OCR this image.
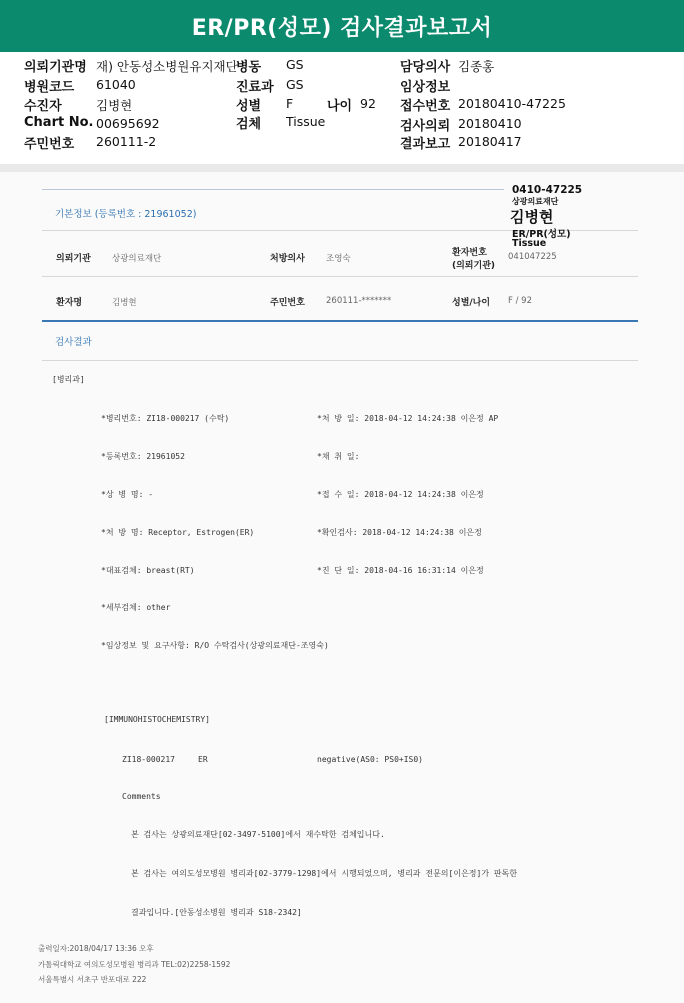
ER/PR(성모) 검사결과보고서
의뢰기관명 재) 안동성소병원유지재단
병동 GS	담당의사 김종홍
병원코드 61040	진료과 GS	임상정보
수진자	김병현	성별 F	나이 92 접수번호 20180410-47225
Chart No. 00695692	검체 Tissue	검사의뢰 20180410
주민번호 260111-2	결과보고 20180417
기본정보 (등록번호 : 21961052)
의뢰기관 상광의료재단	처방의사 조영숙
환자번호
(의뢰기관)
041047225
환자명	김병현	주민번호 260111-*******	성별/나이 F / 92
검사결과
[병리과]
*병리번호: ZI18-000217 (수탁)	*처 방 일: 2018-04-12 14:24:38 이은정 AP
*등록번호: 21961052	*채 취 일:
*상 병 명: -	*접 수 일: 2018-04-12 14:24:38 이은정
*처 방 명: Receptor, Estrogen(ER)	*확인검사: 2018-04-12 14:24:38 이은정
*대표검체: breast(RT)	*진 단 일: 2018-04-16 16:31:14 이은정
*세부검체: other
*임상정보 및 요구사항: R/O 수탁검사(상광의료재단-조영숙)
[IMMUNOHISTOCHEMISTRY]
ZI18-000217	ER	negative(AS0: PS0+IS0)
Comments
본 검사는 상광의료재단[02-3497-5100]에서 재수탁한 검체입니다.
본 검사는 여의도성모병원 병리과[02-3779-1298]에서 시행되었으며, 병리과 전문의[이은정]가 판독한
결과입니다.[안동성소병원 병리과 S18-2342]
출력일자:2018/04/17 13:36 오후
가톨릭대학교 여의도성모병원 병리과 TEL:02)2258-1592
서울특별시 서초구 반포대로 222
0410-47225
상광의료재단
김병현
ER/PR(성모)
Tissue
